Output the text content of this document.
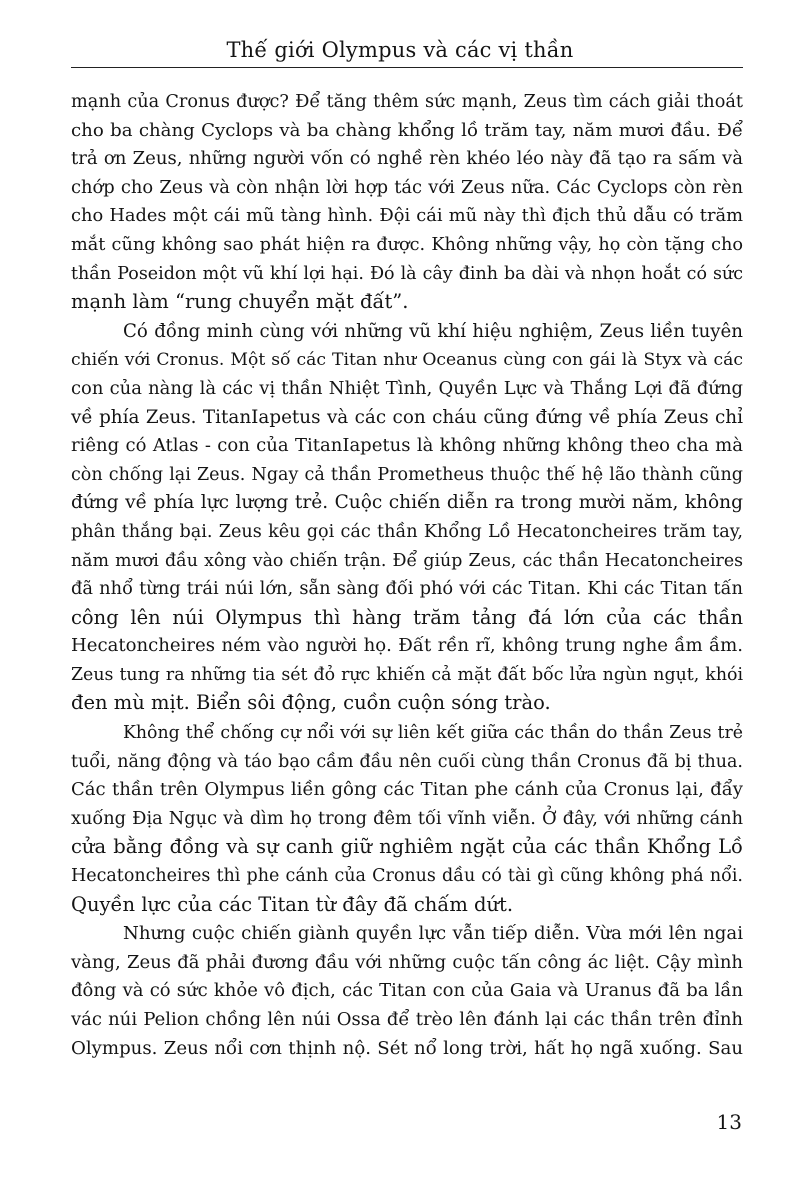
Thế giới Olympus và các vị thần
mạnh của Cronus được? Để tăng thêm sức mạnh, Zeus tìm cách giải thoát
cho ba chàng Cyclops và ba chàng khổng lồ trăm tay, năm mươi đầu. Để
trả ơn Zeus, những người vốn có nghề rèn khéo léo này đã tạo ra sấm và
chớp cho Zeus và còn nhận lời hợp tác với Zeus nữa. Các Cyclops còn rèn
cho Hades một cái mũ tàng hình. Đội cái mũ này thì địch thủ dẫu có trăm
mắt cũng không sao phát hiện ra được. Không những vậy, họ còn tặng cho
thần Poseidon một vũ khí lợi hại. Đó là cây đinh ba dài và nhọn hoắt có sức
mạnh làm “rung chuyển mặt đất”.
Có đồng minh cùng với những vũ khí hiệu nghiệm, Zeus liền tuyên
chiến với Cronus. Một số các Titan như Oceanus cùng con gái là Styx và các
con của nàng là các vị thần Nhiệt Tình, Quyền Lực và Thắng Lợi đã đứng
về phía Zeus. TitanIapetus và các con cháu cũng đứng về phía Zeus chỉ
riêng có Atlas - con của TitanIapetus là không những không theo cha mà
còn chống lại Zeus. Ngay cả thần Prometheus thuộc thế hệ lão thành cũng
đứng về phía lực lượng trẻ. Cuộc chiến diễn ra trong mười năm, không
phân thắng bại. Zeus kêu gọi các thần Khổng Lồ Hecatoncheires trăm tay,
năm mươi đầu xông vào chiến trận. Để giúp Zeus, các thần Hecatoncheires
đã nhổ từng trái núi lớn, sẵn sàng đối phó với các Titan. Khi các Titan tấn
công lên núi Olympus thì hàng trăm tảng đá lớn của các thần
Hecatoncheires ném vào người họ. Đất rền rĩ, không trung nghe ầm ầm.
Zeus tung ra những tia sét đỏ rực khiến cả mặt đất bốc lửa ngùn ngụt, khói
đen mù mịt. Biển sôi động, cuồn cuộn sóng trào.
Không thể chống cự nổi với sự liên kết giữa các thần do thần Zeus trẻ
tuổi, năng động và táo bạo cầm đầu nên cuối cùng thần Cronus đã bị thua.
Các thần trên Olympus liền gông các Titan phe cánh của Cronus lại, đẩy
xuống Địa Ngục và dìm họ trong đêm tối vĩnh viễn. Ở đây, với những cánh
cửa bằng đồng và sự canh giữ nghiêm ngặt của các thần Khổng Lồ
Hecatoncheires thì phe cánh của Cronus dầu có tài gì cũng không phá nổi.
Quyền lực của các Titan từ đây đã chấm dứt.
Nhưng cuộc chiến giành quyền lực vẫn tiếp diễn. Vừa mới lên ngai
vàng, Zeus đã phải đương đầu với những cuộc tấn công ác liệt. Cậy mình
đông và có sức khỏe vô địch, các Titan con của Gaia và Uranus đã ba lần
vác núi Pelion chồng lên núi Ossa để trèo lên đánh lại các thần trên đỉnh
Olympus. Zeus nổi cơn thịnh nộ. Sét nổ long trời, hất họ ngã xuống. Sau
13
